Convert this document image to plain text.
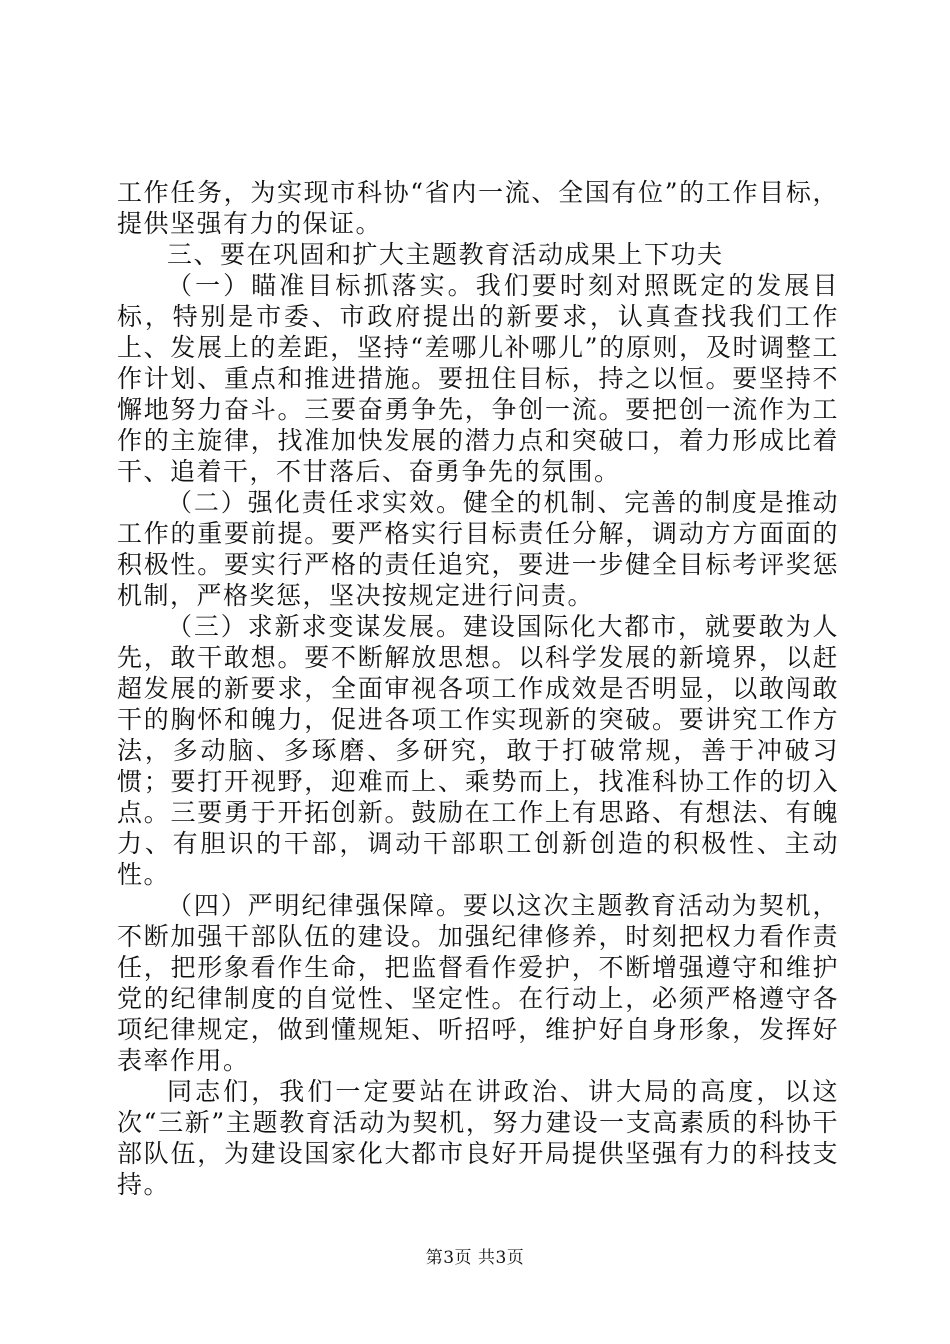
工作任务，为实现市科协“省内一流、全国有位”的工作目标，提供坚强有力的保证。

三、要在巩固和扩大主题教育活动成果上下功夫

（一）瞄准目标抓落实。我们要时刻对照既定的发展目标，特别是市委、市政府提出的新要求，认真查找我们工作上、发展上的差距，坚持“差哪儿补哪儿”的原则，及时调整工作计划、重点和推进措施。要扭住目标，持之以恒。要坚持不懈地努力奋斗。三要奋勇争先，争创一流。要把创一流作为工作的主旋律，找准加快发展的潜力点和突破口，着力形成比着干、追着干，不甘落后、奋勇争先的氛围。

（二）强化责任求实效。健全的机制、完善的制度是推动工作的重要前提。要严格实行目标责任分解，调动方方面面的积极性。要实行严格的责任追究，要进一步健全目标考评奖惩机制，严格奖惩，坚决按规定进行问责。

（三）求新求变谋发展。建设国际化大都市，就要敢为人先，敢干敢想。要不断解放思想。以科学发展的新境界，以赶超发展的新要求，全面审视各项工作成效是否明显，以敢闯敢干的胸怀和魄力，促进各项工作实现新的突破。要讲究工作方法，多动脑、多琢磨、多研究，敢于打破常规，善于冲破习惯；要打开视野，迎难而上、乘势而上，找准科协工作的切入点。三要勇于开拓创新。鼓励在工作上有思路、有想法、有魄力、有胆识的干部，调动干部职工创新创造的积极性、主动性。

（四）严明纪律强保障。要以这次主题教育活动为契机，不断加强干部队伍的建设。加强纪律修养，时刻把权力看作责任，把形象看作生命，把监督看作爱护，不断增强遵守和维护党的纪律制度的自觉性、坚定性。在行动上，必须严格遵守各项纪律规定，做到懂规矩、听招呼，维护好自身形象，发挥好表率作用。

同志们，我们一定要站在讲政治、讲大局的高度，以这次“三新”主题教育活动为契机，努力建设一支高素质的科协干部队伍，为建设国家化大都市良好开局提供坚强有力的科技支持。

第3页 共3页
